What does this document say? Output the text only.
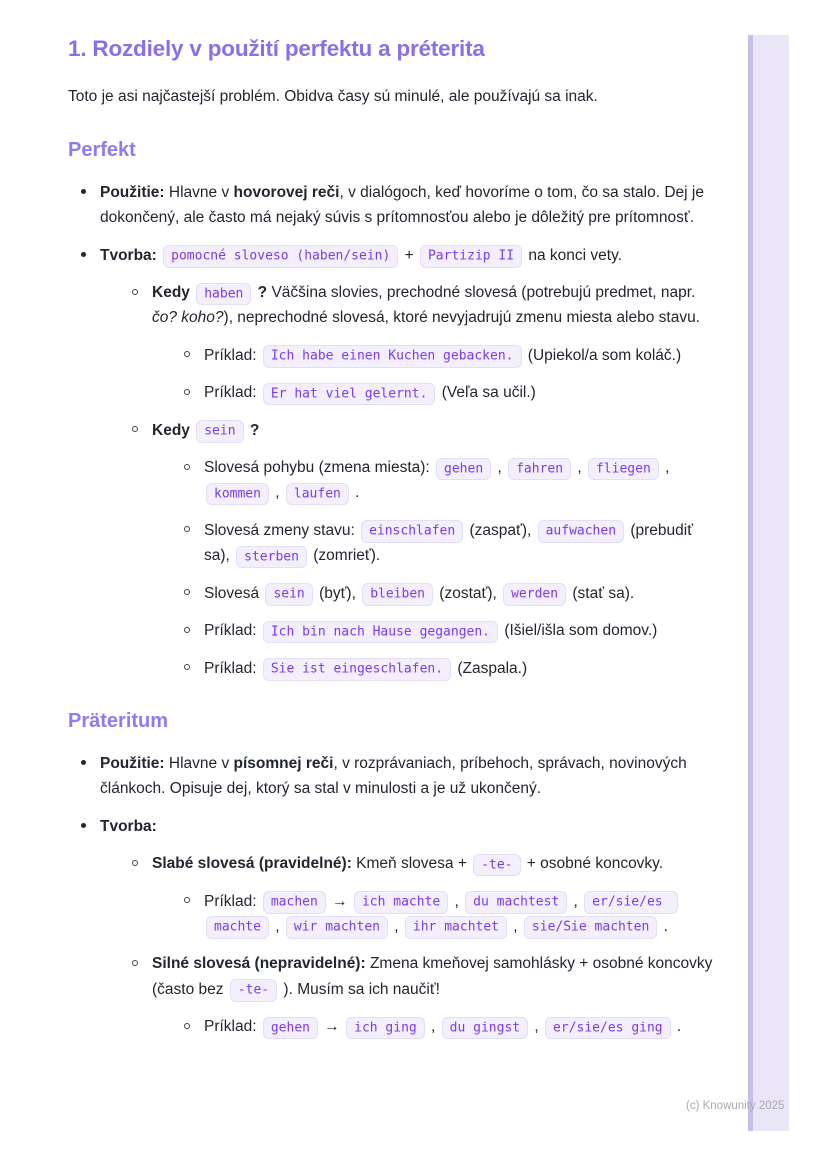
1. Rozdiely v použití perfektu a préterita

Toto je asi najčastejší problém. Obidva časy sú minulé, ale používajú sa inak.

Perfekt
Použitie: Hlavne v hovorovej reči, v dialógoch, keď hovoríme o tom, čo sa stalo. Dej je dokončený, ale často má nejaký súvis s prítomnosťou alebo je dôležitý pre prítomnosť.
Tvorba: pomocné sloveso (haben/sein) + Partizip II na konci vety.
Kedy haben ? Väčšina slovies, prechodné slovesá (potrebujú predmet, napr. čo? koho?), neprechodné slovesá, ktoré nevyjadrujú zmenu miesta alebo stavu.
Príklad: Ich habe einen Kuchen gebacken. (Upiekol/a som koláč.)
Príklad: Er hat viel gelernt. (Veľa sa učil.)
Kedy sein ?
Slovesá pohybu (zmena miesta): gehen , fahren , fliegen , kommen , laufen .
Slovesá zmeny stavu: einschlafen (zaspať), aufwachen (prebudiť sa), sterben (zomrieť).
Slovesá sein (byť), bleiben (zostať), werden (stať sa).
Príklad: Ich bin nach Hause gegangen. (Išiel/išla som domov.)
Príklad: Sie ist eingeschlafen. (Zaspala.)
Präteritum
Použitie: Hlavne v písomnej reči, v rozprávaniach, príbehoch, správach, novinových článkoch. Opisuje dej, ktorý sa stal v minulosti a je už ukončený.
Tvorba:
Slabé slovesá (pravidelné): Kmeň slovesa + -te- + osobné koncovky.
Príklad: machen → ich machte , du machtest , er/sie/es machte , wir machten , ihr machtet , sie/Sie machten .
Silné slovesá (nepravidelné): Zmena kmeňovej samohlásky + osobné koncovky (často bez -te- ). Musím sa ich naučiť!
Príklad: gehen → ich ging , du gingst , er/sie/es ging .
(c) Knowunity 2025
